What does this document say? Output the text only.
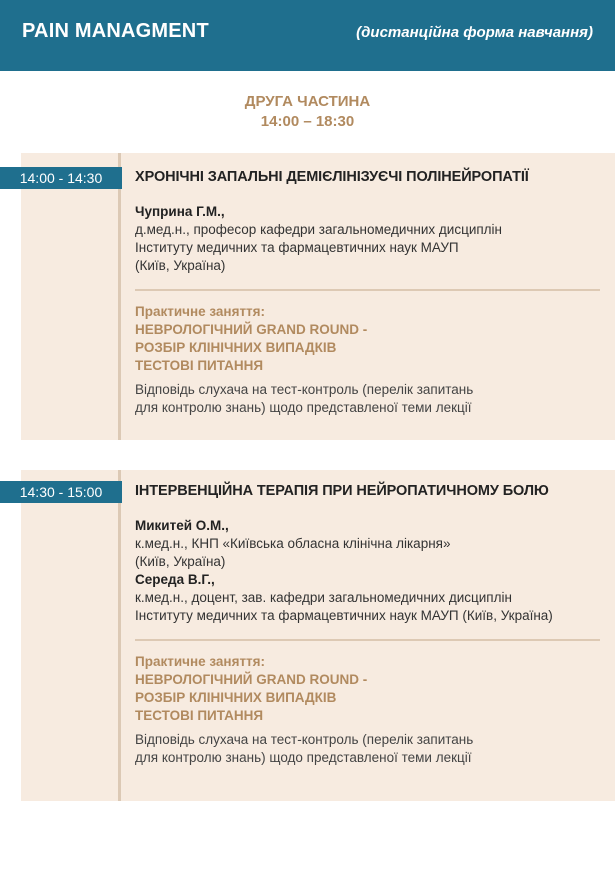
PAIN MANAGMENT	(дистанційна форма навчання)
ДРУГА ЧАСТИНА
14:00 – 18:30
14:00 - 14:30	ХРОНІЧНІ ЗАПАЛЬНІ ДЕМІЄЛІНІЗУЄЧІ ПОЛІНЕЙРОПАТІЇ
Чуприна Г.М.,
д.мед.н., професор кафедри загальномедичних дисциплін
Інституту медичних та фармацевтичних наук МАУП
(Київ, Україна)
Практичне заняття:
НЕВРОЛОГІЧНИЙ GRAND ROUND -
РОЗБІР КЛІНІЧНИХ ВИПАДКІВ
ТЕСТОВІ ПИТАННЯ
Відповідь слухача на тест-контроль (перелік запитань
для контролю знань) щодо представленої теми лекції
14:30 - 15:00	ІНТЕРВЕНЦІЙНА ТЕРАПІЯ ПРИ НЕЙРОПАТИЧНОМУ БОЛЮ
Микитей О.М.,
к.мед.н., КНП «Київська обласна клінічна лікарня»
(Київ, Україна)
Середа В.Г.,
к.мед.н., доцент, зав. кафедри загальномедичних дисциплін
Інституту медичних та фармацевтичних наук МАУП (Київ, Україна)
Практичне заняття:
НЕВРОЛОГІЧНИЙ GRAND ROUND -
РОЗБІР КЛІНІЧНИХ ВИПАДКІВ
ТЕСТОВІ ПИТАННЯ
Відповідь слухача на тест-контроль (перелік запитань
для контролю знань) щодо представленої теми лекції
